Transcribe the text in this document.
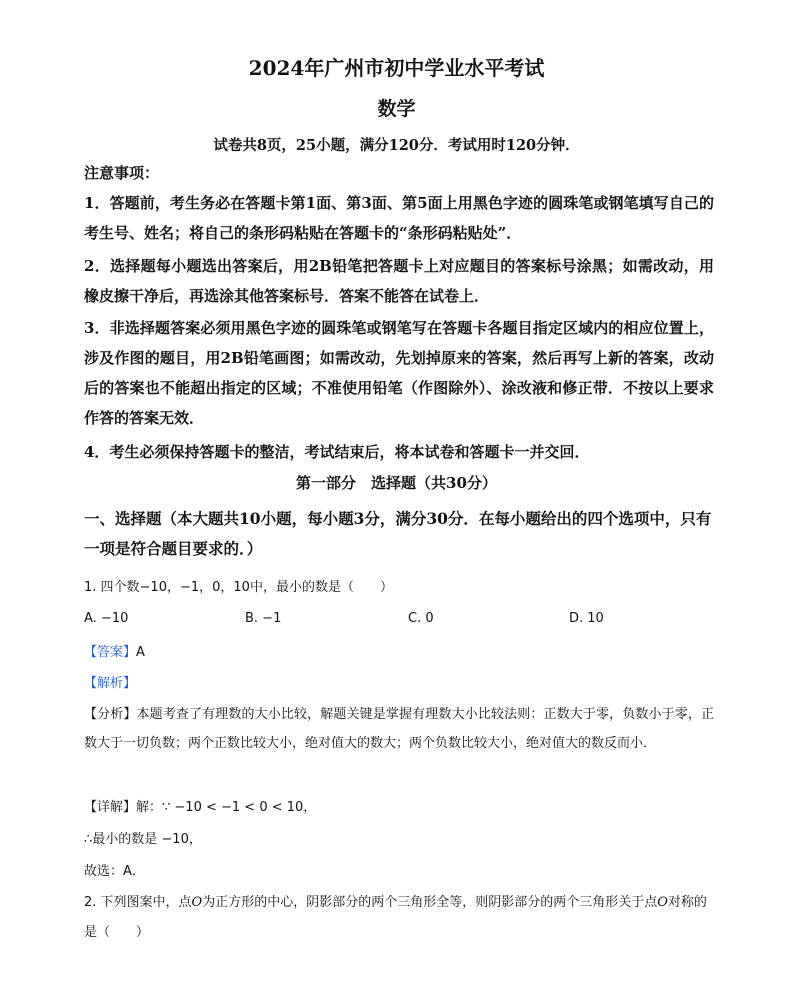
2024年广州市初中学业水平考试
数学
试卷共8页，25小题，满分120分．考试用时120分钟．
注意事项：
1．答题前，考生务必在答题卡第1面、第3面、第5面上用黑色字迹的圆珠笔或钢笔填写自己的考生号、姓名；将自己的条形码粘贴在答题卡的“条形码粘贴处”．
2．选择题每小题选出答案后，用2B铅笔把答题卡上对应题目的答案标号涂黑；如需改动，用橡皮擦干净后，再选涂其他答案标号．答案不能答在试卷上．
3．非选择题答案必须用黑色字迹的圆珠笔或钢笔写在答题卡各题目指定区域内的相应位置上，涉及作图的题目，用2B铅笔画图；如需改动，先划掉原来的答案，然后再写上新的答案，改动后的答案也不能超出指定的区域；不准使用铅笔（作图除外）、涂改液和修正带．不按以上要求作答的答案无效．
4．考生必须保持答题卡的整洁，考试结束后，将本试卷和答题卡一并交回．
第一部分　选择题（共30分）
一、选择题（本大题共10小题，每小题3分，满分30分．在每小题给出的四个选项中，只有一项是符合题目要求的．）
1. 四个数−10，−1，0，10中，最小的数是（　　）
A. −10	B. −1	C. 0	D. 10
【答案】A
【解析】
【分析】本题考查了有理数的大小比较，解题关键是掌握有理数大小比较法则：正数大于零，负数小于零，正数大于一切负数；两个正数比较大小，绝对值大的数大；两个负数比较大小，绝对值大的数反而小．
【详解】解：∵ −10 < −1 < 0 < 10，
∴最小的数是 −10，
故选：A．
2. 下列图案中，点O为正方形的中心，阴影部分的两个三角形全等，则阴影部分的两个三角形关于点O对称的是（　　）
